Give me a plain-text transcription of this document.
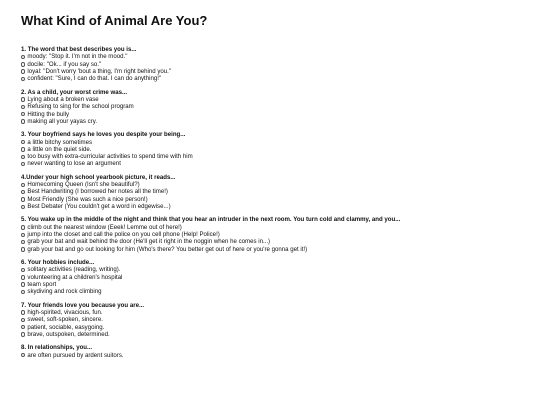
What Kind of Animal Are You?

1. The word that best describes you is...

moody: "Stop it. I'm not in the mood."
docile: "Ok... if you say so."
loyal: "Don't worry 'bout a thing, I'm right behind you."
confident: "Sure, I can do that. I can do anything!"

2. As a child, your worst crime was...

Lying about a broken vase
Refusing to sing for the school program
Hitting the bully
making all your yayas cry.

3. Your boyfriend says he loves you despite your being...

a little bitchy sometimes
a little on the quiet side.
too busy with extra-curricular activities to spend time with him
never wanting to lose an argument

4.Under your high school yearbook picture, it reads...

Homecoming Queen (Isn't she beautiful?)
Best Handwriting (I borrowed her notes all the time!)
Most Friendly (She was such a nice person!)
Best Debater (You couldn't get a word in edgewise...)

5. You wake up in the middle of the night and think that you hear an intruder in the next room. You turn cold and clammy, and you...

climb out the nearest window (Eeek! Lemme out of here!)
jump into the closet and call the police on you cell phone (Help! Police!)
grab your bat and wait behind the door (He'll get it right in the noggin when he comes in...)
grab your bat and go out looking for him (Who's there? You better get out of here or you're gonna get it!)

6. Your hobbies include...

solitary activities (reading, writing).
volunteering at a children's hospital
team sport
skydiving and rock climbing

7. Your friends love you because you are...

high-spirited, vivacious, fun.
sweet, soft-spoken, sincere.
patient, sociable, easygoing.
brave, outspoken, determined.

8. In relationships, you...

are often pursued by ardent suitors.
